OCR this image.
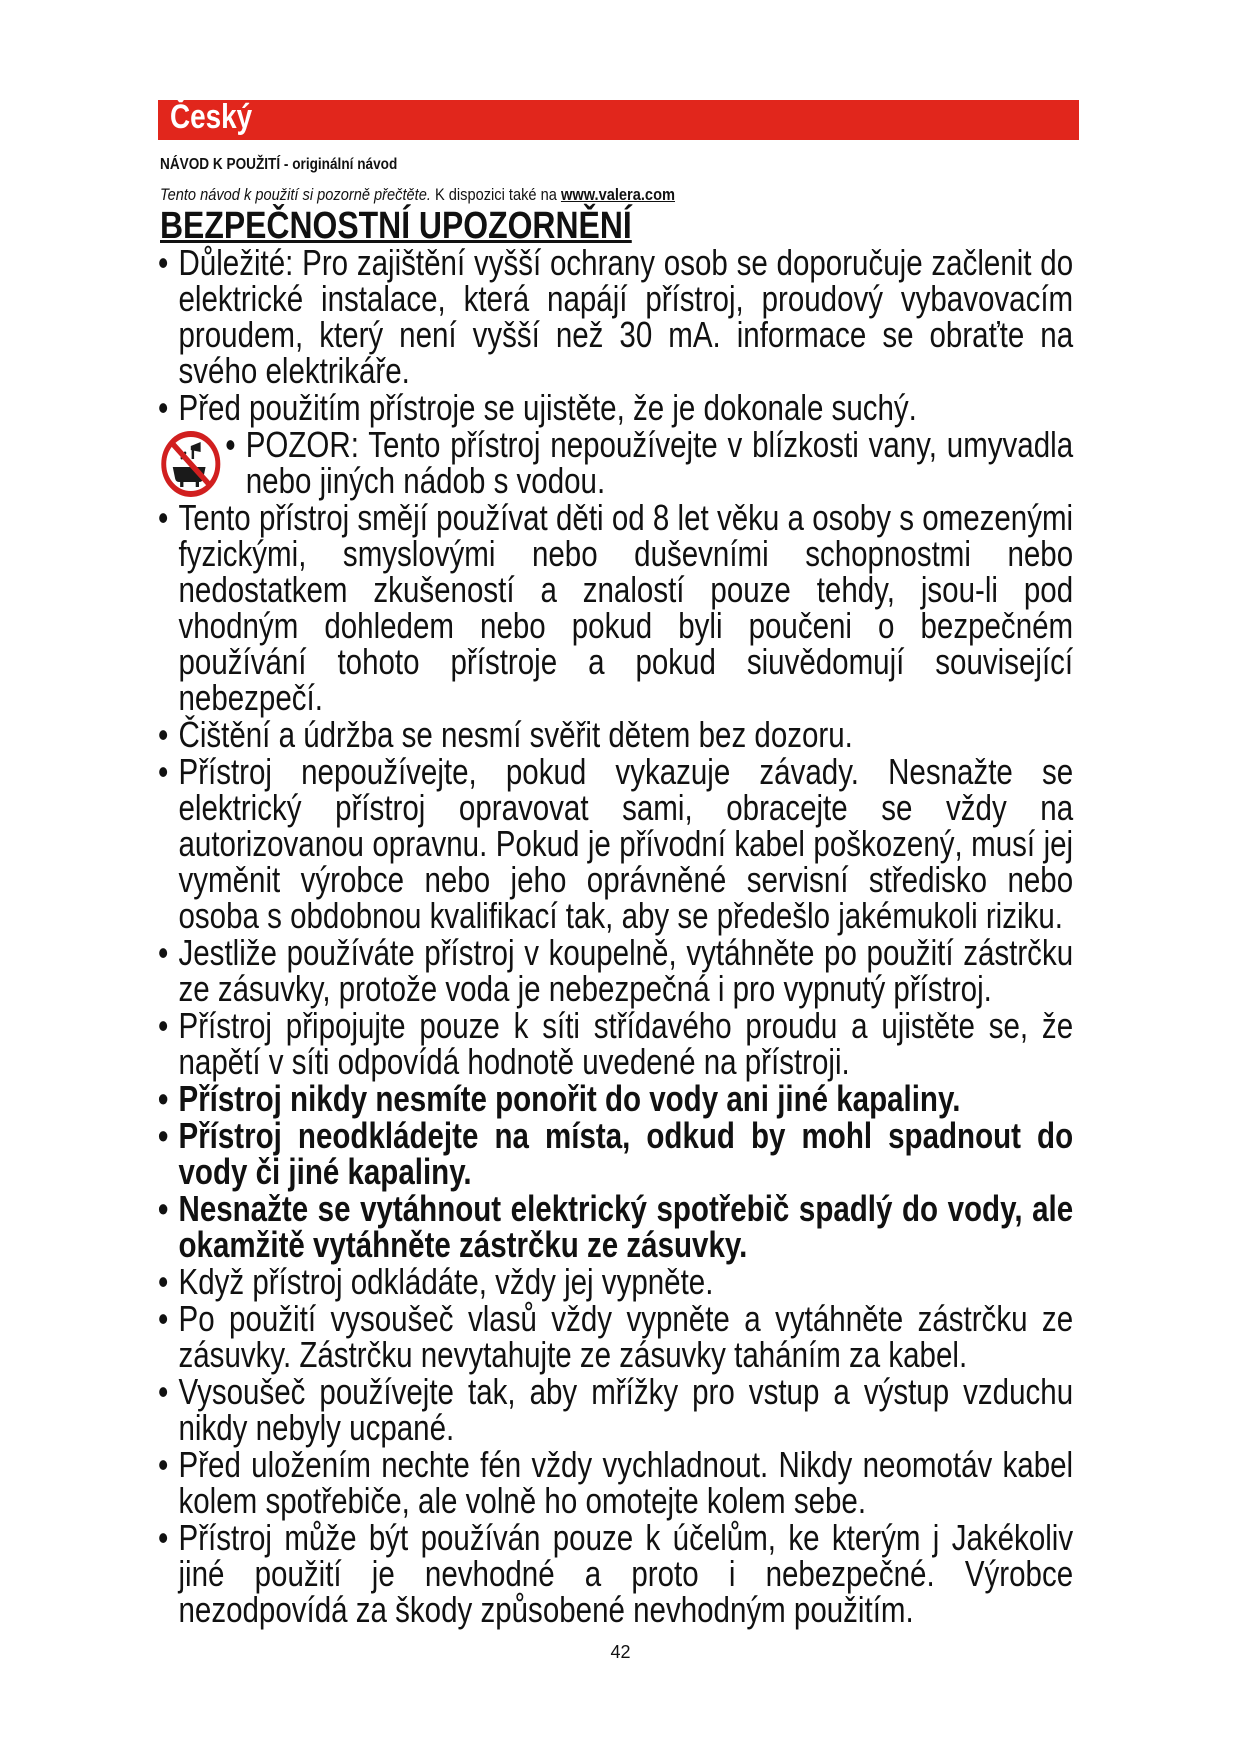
Český

NÁVOD K POUŽITÍ - originální návod

Tento návod k použití si pozorně přečtěte. K dispozici také na www.valera.com

BEZPEČNOSTNÍ UPOZORNĚNÍ
• Důležité: Pro zajištění vyšší ochrany osob se doporučuje začlenit do elektrické instalace, která napájí přístroj, proudový vybavovacím proudem, který není vyšší než 30 mA. informace se obraťte na svého elektrikáře.
• Před použitím přístroje se ujistěte, že je dokonale suchý.
• POZOR: Tento přístroj nepoužívejte v blízkosti vany, umyvadla nebo jiných nádob s vodou.
• Tento přístroj smějí používat děti od 8 let věku a osoby s omezenými fyzickými, smyslovými nebo duševními schopnostmi nebo nedostatkem zkušeností a znalostí pouze tehdy, jsou-li pod vhodným dohledem nebo pokud byli poučeni o bezpečném používání tohoto přístroje a pokud siuvědomují související nebezpečí.
• Čištění a údržba se nesmí svěřit dětem bez dozoru.
• Přístroj nepoužívejte, pokud vykazuje závady. Nesnažte se elektrický přístroj opravovat sami, obracejte se vždy na autorizovanou opravnu. Pokud je přívodní kabel poškozený, musí jej vyměnit výrobce nebo jeho oprávněné servisní středisko nebo osoba s obdobnou kvalifikací tak, aby se předešlo jakémukoli riziku.
• Jestliže používáte přístroj v koupelně, vytáhněte po použití zástrčku ze zásuvky, protože voda je nebezpečná i pro vypnutý přístroj.
• Přístroj připojujte pouze k síti střídavého proudu a ujistěte se, že napětí v síti odpovídá hodnotě uvedené na přístroji.
• Přístroj nikdy nesmíte ponořit do vody ani jiné kapaliny.
• Přístroj neodkládejte na místa, odkud by mohl spadnout do vody či jiné kapaliny.
• Nesnažte se vytáhnout elektrický spotřebič spadlý do vody, ale okamžitě vytáhněte zástrčku ze zásuvky.
• Když přístroj odkládáte, vždy jej vypněte.
• Po použití vysoušeč vlasů vždy vypněte a vytáhněte zástrčku ze zásuvky. Zástrčku nevytahujte ze zásuvky taháním za kabel.
• Vysoušeč používejte tak, aby mřížky pro vstup a výstup vzduchu nikdy nebyly ucpané.
• Před uložením nechte fén vždy vychladnout. Nikdy neomotáv kabel kolem spotřebiče, ale volně ho omotejte kolem sebe.
• Přístroj může být používán pouze k účelům, ke kterým j Jakékoliv jiné použití je nevhodné a proto i nebezpečné. Výrobce nezodpovídá za škody způsobené nevhodným použitím.

42
